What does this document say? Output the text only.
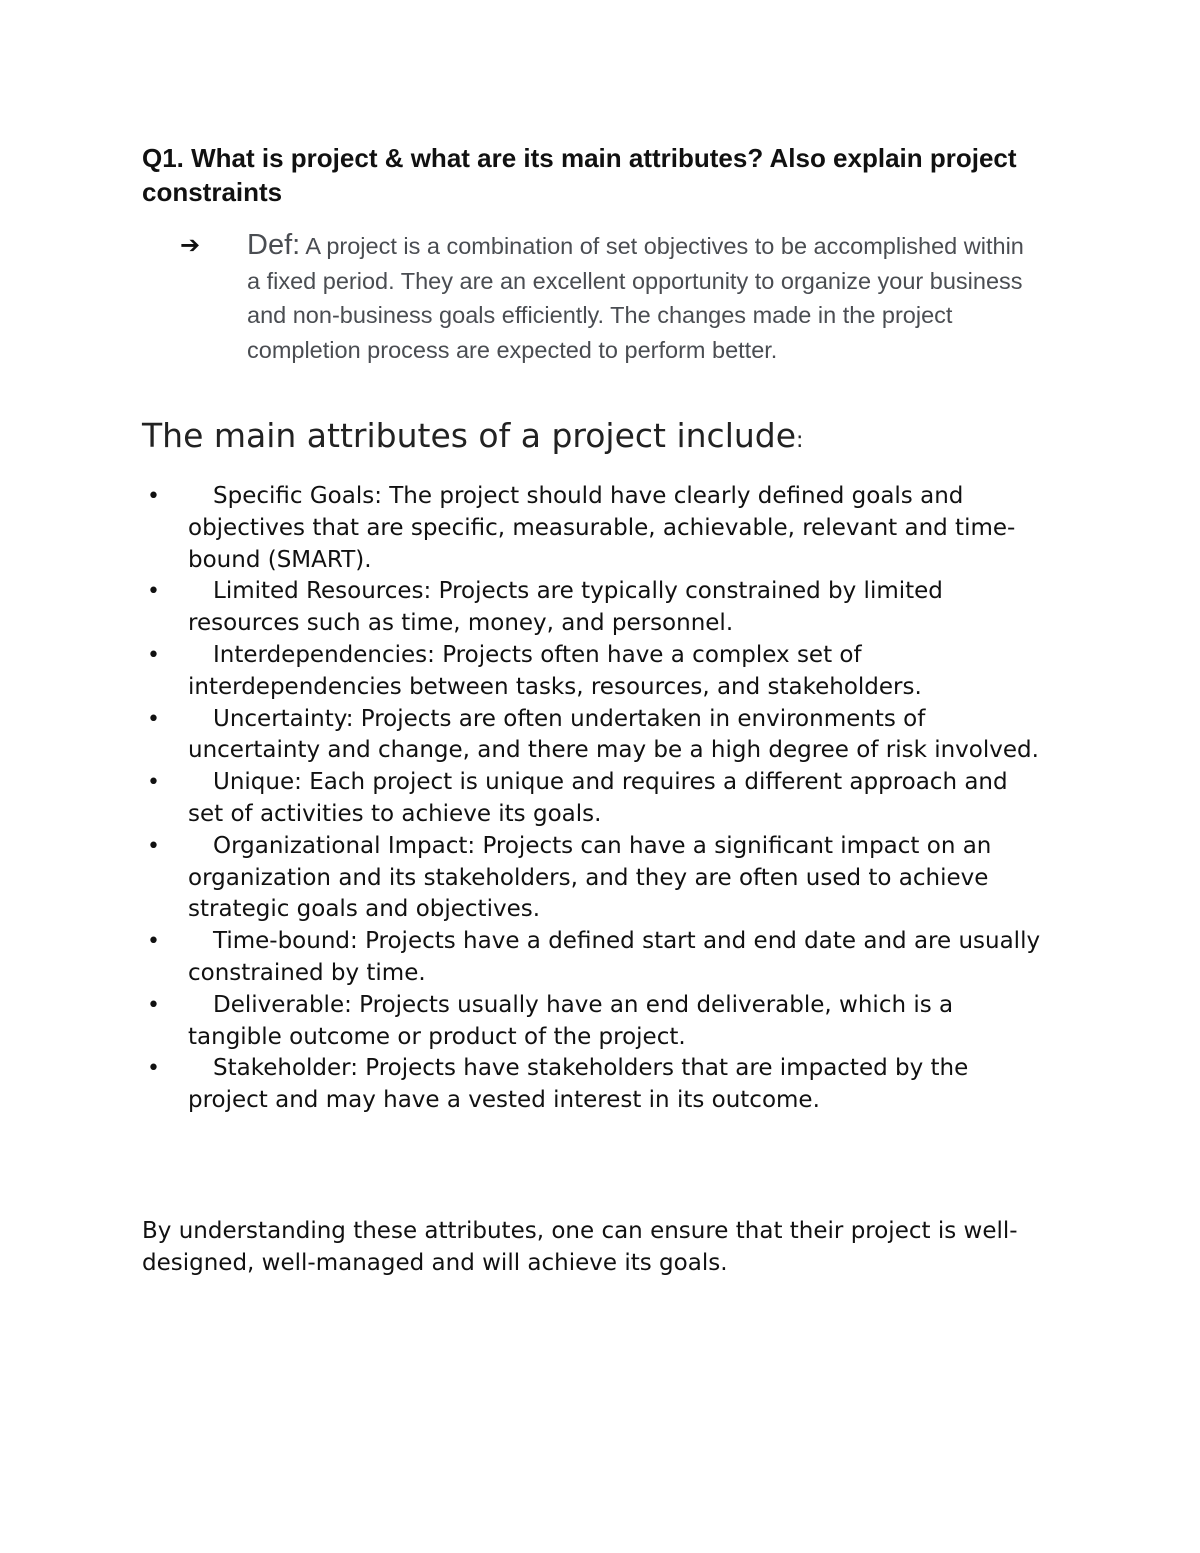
Q1. What is project & what are its main attributes? Also explain project constraints
➔ Def: A project is a combination of set objectives to be accomplished within a fixed period. They are an excellent opportunity to organize your business and non-business goals efficiently. The changes made in the project completion process are expected to perform better.
The main attributes of a project include:
•	Specific Goals: The project should have clearly defined goals and objectives that are specific, measurable, achievable, relevant and time-bound (SMART).
•	Limited Resources: Projects are typically constrained by limited resources such as time, money, and personnel.
•	Interdependencies: Projects often have a complex set of interdependencies between tasks, resources, and stakeholders.
•	Uncertainty: Projects are often undertaken in environments of uncertainty and change, and there may be a high degree of risk involved.
•	Unique: Each project is unique and requires a different approach and set of activities to achieve its goals.
•	Organizational Impact: Projects can have a significant impact on an organization and its stakeholders, and they are often used to achieve strategic goals and objectives.
•	Time-bound: Projects have a defined start and end date and are usually constrained by time.
•	Deliverable: Projects usually have an end deliverable, which is a tangible outcome or product of the project.
•	Stakeholder: Projects have stakeholders that are impacted by the project and may have a vested interest in its outcome.
By understanding these attributes, one can ensure that their project is well-designed, well-managed and will achieve its goals.
